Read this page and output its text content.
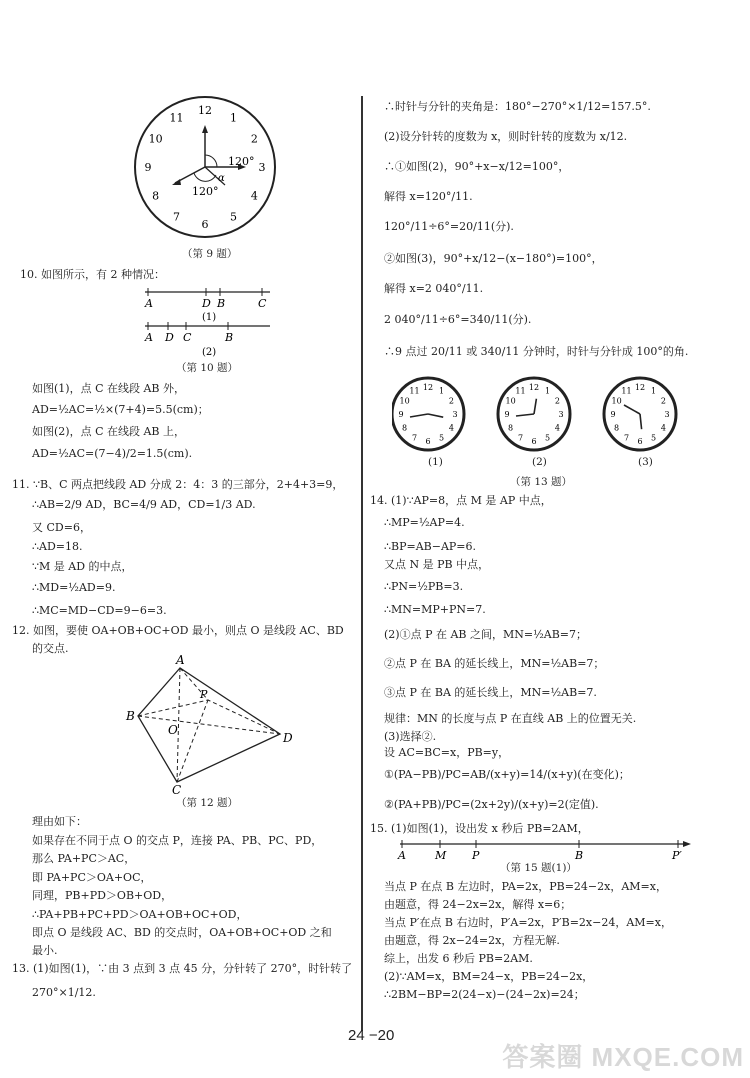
12
1
2
3
4
5
6
7
8
9
10
11
120°
120°
α
（第 9 题）
10. 如图所示，有 2 种情况：
A	D B	C
(1)
A D C	B
(2)
（第 10 题）
如图(1)，点 C 在线段 AB 外，
AD=½AC=½×(7+4)=5.5(cm)；
如图(2)，点 C 在线段 AB 上，
AD=½AC=(7−4)/2=1.5(cm).
11. ∵B、C 两点把线段 AD 分成 2：4：3 的三部分，2+4+3=9，
∴AB=2/9 AD，BC=4/9 AD，CD=1/3 AD.
又 CD=6，
∴AD=18.
∵M 是 AD 的中点，
∴MD=½AD=9.
∴MC=MD−CD=9−6=3.
12. 如图，要使 OA+OB+OC+OD 最小，则点 O 是线段 AC、BD
的交点.
A
B
C
D
O
P
（第 12 题）
理由如下：
如果存在不同于点 O 的交点 P，连接 PA、PB、PC、PD，
那么 PA+PC＞AC，
即 PA+PC＞OA+OC，
同理，PB+PD＞OB+OD，
∴PA+PB+PC+PD＞OA+OB+OC+OD，
即点 O 是线段 AC、BD 的交点时，OA+OB+OC+OD 之和
最小.
13. (1)如图(1)，∵由 3 点到 3 点 45 分，分针转了 270°，时针转了
270°×1/12.
∴时针与分针的夹角是：180°−270°×1/12=157.5°.
(2)设分针转的度数为 x，则时针转的度数为 x/12.
∴①如图(2)，90°+x−x/12=100°，
解得 x=120°/11.
120°/11÷6°=20/11(分).
②如图(3)，90°+x/12−(x−180°)=100°，
解得 x=2 040°/11.
2 040°/11÷6°=340/11(分).
∴9 点过 20/11 或 340/11 分钟时，时针与分针成 100°的角.
12 1
2
3
4
5
6
7
8
9
10
11	12 1
2
3
4
5
6
7
8
9
10
11	12 1
2
3
4
5
6
7
8
9
10
11
(1)	(2)	(3)
（第 13 题）
14. (1)∵AP=8，点 M 是 AP 中点，
∴MP=½AP=4.
∴BP=AB−AP=6.
又点 N 是 PB 中点，
∴PN=½PB=3.
∴MN=MP+PN=7.
(2)①点 P 在 AB 之间，MN=½AB=7；
②点 P 在 BA 的延长线上，MN=½AB=7；
③点 P 在 BA 的延长线上，MN=½AB=7.
规律：MN 的长度与点 P 在直线 AB 上的位置无关.
(3)选择②.
设 AC=BC=x，PB=y，
①(PA−PB)/PC=AB/(x+y)=14/(x+y)(在变化)；
②(PA+PB)/PC=(2x+2y)/(x+y)=2(定值).
15. (1)如图(1)，设出发 x 秒后 PB=2AM，
A	M P	B	P′
（第 15 题(1)）
当点 P 在点 B 左边时，PA=2x，PB=24−2x，AM=x，
由题意，得 24−2x=2x，解得 x=6；
当点 P′在点 B 右边时，P′A=2x，P′B=2x−24，AM=x，
由题意，得 2x−24=2x，方程无解.
综上，出发 6 秒后 PB=2AM.
(2)∵AM=x，BM=24−x，PB=24−2x，
∴2BM−BP=2(24−x)−(24−2x)=24；
24 −20
答案圈 MXQE.COM
